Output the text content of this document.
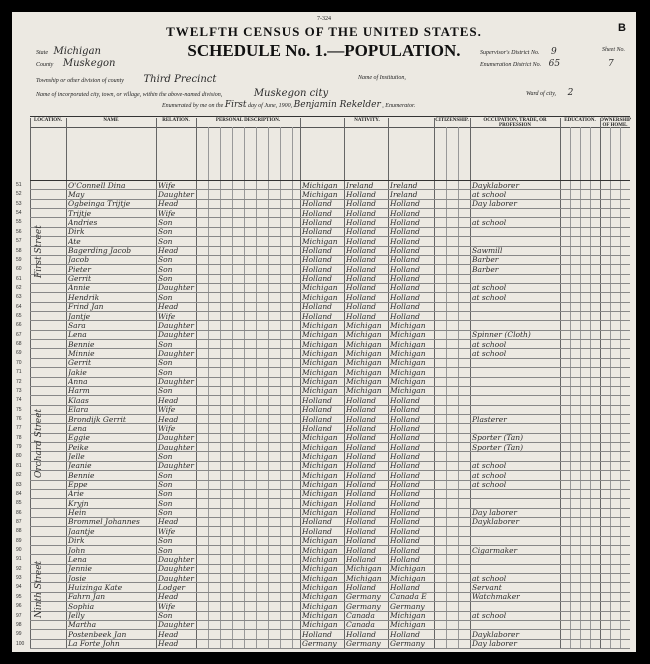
7-324
B
TWELFTH CENSUS OF THE UNITED STATES.
SCHEDULE No. 1.—POPULATION.
State Michigan
County Muskegon
Township or other division of county Third Precinct
Name of incorporated city, town, or village, within the above-named division,	Muskegon city
Enumerated by me on the First day of June, 1900, Benjamin Rekelder , Enumerator.
Supervisor's District No. 9
Enumeration District No. 65
Sheet No.
7
Name of Institution,
Ward of city, 2
LOCATION.	NAME	RELATION.	PERSONAL DESCRIPTION.	NATIVITY.	CITIZENSHIP.	OCCUPATION, TRADE, OR PROFESSION
EDUCATION. OWNERSHIP OF HOME.
51	O'Connell Dina	Wife	Michigan	Ireland	Ireland	Dayklaborer
52	May	Daughter	Michigan	Holland	Ireland	at school
53	Ogbeinga Trijtje	Head	Holland	Holland	Holland	Day laborer
54	Trijtje	Wife	Holland	Holland	Holland
55	Andries	Son	Holland	Holland	Holland	at school
56	Dirk	Son	Holland	Holland	Holland
57	Ate	Son	Michigan	Holland	Holland
58	Bagerding Jacob	Head	Holland	Holland	Holland	Sawmill
59	Jacob	Son	Holland	Holland	Holland	Barber
60	Pieter	Son	Holland	Holland	Holland	Barber
61	Gerrit	Son	Holland	Holland	Holland
62	Annie	Daughter	Michigan	Holland	Holland	at school
63	Hendrik	Son	Michigan	Holland	Holland	at school
64	Frind Jan	Head	Holland	Holland	Holland
65	Jantje	Wife	Holland	Holland	Holland
66	Sara	Daughter	Michigan	Michigan	Michigan
67	Lena	Daughter	Michigan	Michigan	Michigan	Spinner (Cloth)
68	Bennie	Son	Michigan	Michigan	Michigan	at school
69	Minnie	Daughter	Michigan	Michigan	Michigan	at school
70	Gerrit	Son	Michigan	Michigan	Michigan
71	Jakie	Son	Michigan	Michigan	Michigan
72	Anna	Daughter	Michigan	Michigan	Michigan
73	Harm	Son	Michigan	Michigan	Michigan
74	Klaas	Head	Holland	Holland	Holland
75	Elara	Wife	Holland	Holland	Holland
76	Brondijk Gerrit	Head	Holland	Holland	Holland	Plasterer
77	Lena	Wife	Holland	Holland	Holland
78	Eggie	Daughter	Michigan	Holland	Holland	Sporter (Tan)
79	Peike	Daughter	Michigan	Holland	Holland	Sporter (Tan)
80	Jelle	Son	Michigan	Holland	Holland
81	Jeanie	Daughter	Michigan	Holland	Holland	at school
82	Bennie	Son	Michigan	Holland	Holland	at school
83	Eppe	Son	Michigan	Holland	Holland	at school
84	Arie	Son	Michigan	Holland	Holland
85	Kryjn	Son	Michigan	Holland	Holland
86	Hein	Son	Michigan	Holland	Holland	Day laborer
87	Brommel Johannes	Head	Holland	Holland	Holland	Dayklaborer
88	Jaantje	Wife	Holland	Holland	Holland
89	Dirk	Son	Michigan	Holland	Holland
90	John	Son	Michigan	Holland	Holland	Cigarmaker
91	Lena	Daughter	Michigan	Holland	Holland
92	Jennie	Daughter	Michigan	Michigan	Michigan
93	Josie	Daughter	Michigan	Michigan	Michigan	at school
94	Huizinga Kate	Lodger	Michigan	Holland	Holland	Servant
95	Fahrn Jan	Head	Michigan	Germany	Canada E	Watchmaker
96	Sophia	Wife	Michigan	Germany	Germany
97	Jelly	Son	Michigan	Canada	Michigan	at school
98	Martha	Daughter	Michigan	Canada	Michigan
99	Postenbeek Jan	Head	Holland	Holland	Holland	Dayklaborer
100	La Forte John	Head	Germany	Germany	Germany	Day laborer
First Street
Orchard Street
Ninth Street
